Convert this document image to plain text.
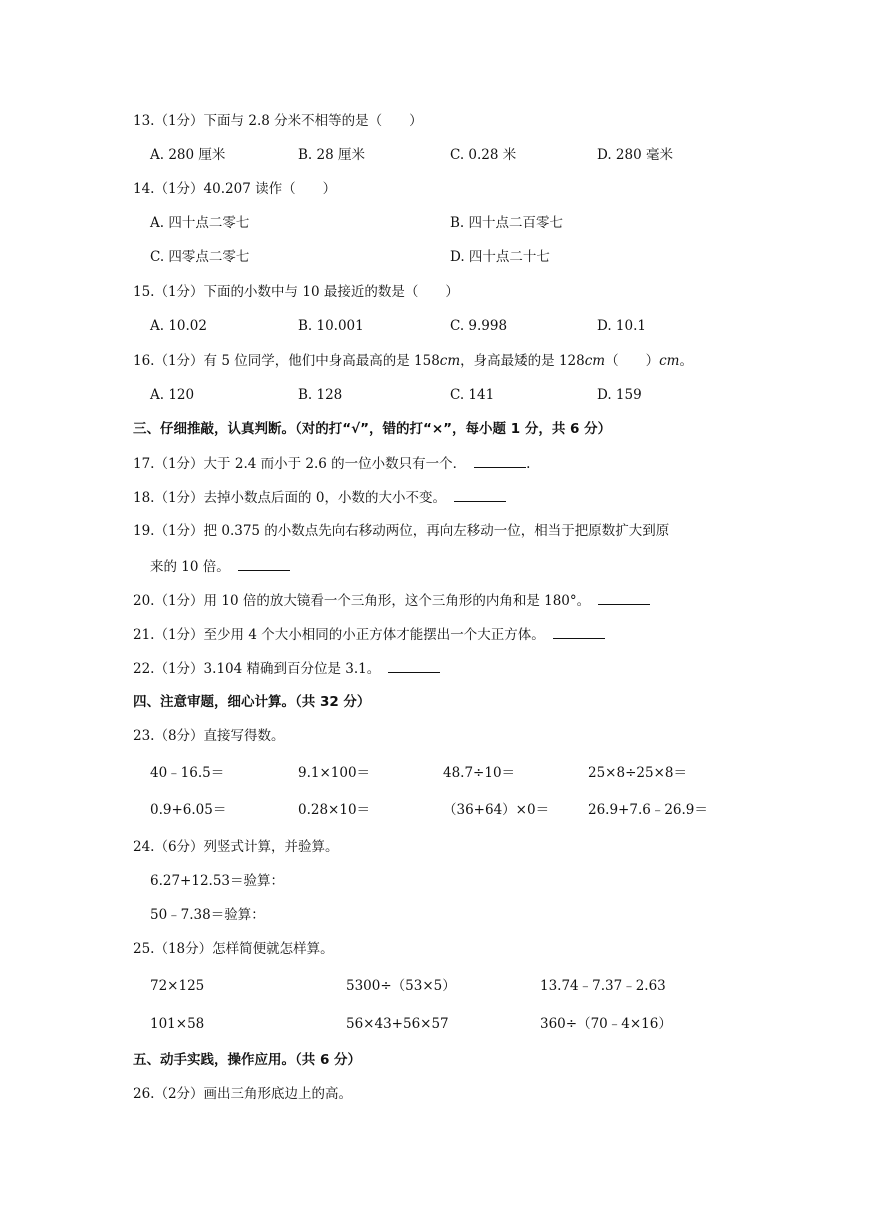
13.（1分）下面与 2.8 分米不相等的是（　　）
A. 280 厘米	B. 28 厘米	C. 0.28 米	D. 280 毫米
14.（1分）40.207 读作（　　）
A. 四十点二零七	B. 四十点二百零七
C. 四零点二零七	D. 四十点二十七
15.（1分）下面的小数中与 10 最接近的数是（　　）
A. 10.02	B. 10.001	C. 9.998	D. 10.1
16.（1分）有 5 位同学，他们中身高最高的是 158cm，身高最矮的是 128cm（　　）cm。
A. 120	B. 128	C. 141	D. 159
三、仔细推敲，认真判断。（对的打“√”，错的打“×”，每小题 1 分，共 6 分）
17.（1分）大于 2.4 而小于 2.6 的一位小数只有一个．	.
18.（1分）去掉小数点后面的 0，小数的大小不变。
19.（1分）把 0.375 的小数点先向右移动两位，再向左移动一位，相当于把原数扩大到原
来的 10 倍。
20.（1分）用 10 倍的放大镜看一个三角形，这个三角形的内角和是 180°。
21.（1分）至少用 4 个大小相同的小正方体才能摆出一个大正方体。
22.（1分）3.104 精确到百分位是 3.1。
四、注意审题，细心计算。（共 32 分）
23.（8分）直接写得数。
40﹣16.5＝	9.1×100＝	48.7÷10＝	25×8÷25×8＝
0.9+6.05＝	0.28×10＝	（36+64）×0＝	26.9+7.6﹣26.9＝
24.（6分）列竖式计算，并验算。
6.27+12.53＝验算：
50﹣7.38＝验算：
25.（18分）怎样简便就怎样算。
72×125	5300÷（53×5）	13.74﹣7.37﹣2.63
101×58	56×43+56×57	360÷（70﹣4×16）
五、动手实践，操作应用。（共 6 分）
26.（2分）画出三角形底边上的高。
